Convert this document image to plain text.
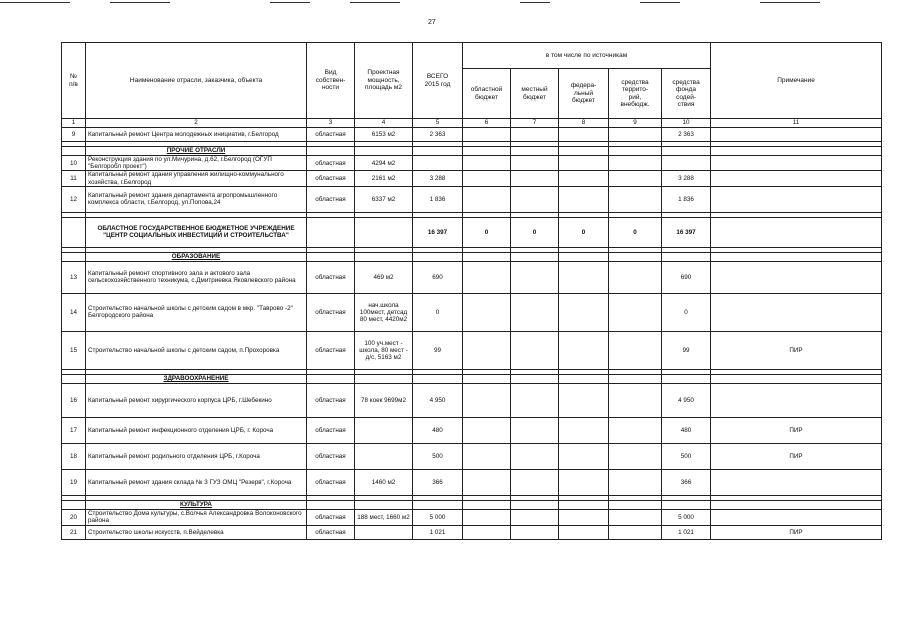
27
№
п/в	Наименование отрасли, заказчика, объекта	Вид
собствен-
ности	Проектная
мощность,
площадь м2	ВСЕГО
2015 год	в том числе по источникам					Примечание
					областной
бюджет	местный
бюджет	федера-
льный
бюджет	средства
террито-
рий,
внебюдж.	средства
фонда
содей-
ствия	
1	2	3	4	5	6	7	8	9	10	11
9	Капитальный ремонт Центра молодежных инициатив, г.Белгород	областная	6153 м2	2 363					2 363	

	ПРОЧИЕ ОТРАСЛИ									
10	Реконструкция здания по ул.Мичурина, д.62, г.Белгород (ОГУП "Белгоробл проект")	областная	4294 м2							
11	Капитальный ремонт здания управления жилищно-коммунального хозяйства, г.Белгород	областная	2161 м2	3 288					3 288	
12	Капитальный ремонт здания департамента агропромышленного комплекса области, г.Белгород, ул.Попова,24	областная	6337 м2	1 836					1 836	

	ОБЛАСТНОЕ ГОСУДАРСТВЕННОЕ БЮДЖЕТНОЕ УЧРЕЖДЕНИЕ "ЦЕНТР СОЦИАЛЬНЫХ ИНВЕСТИЦИЙ И СТРОИТЕЛЬСТВА"			16 397	0	0	0	0	16 397	

	ОБРАЗОВАНИЕ									
13	Капитальный ремонт спортивного зала и актового зала сельскохозяйственного техникума, с.Дмитриевка Яковлевского района	областная	469 м2	690					690	
14	Строительство начальной школы с детским садом в мкр. "Таврово -2" Белгородского района	областная	нач.школа 100мест, детсад 80 мест, 4420м2	0					0	
15	Строительство начальной школы с детским садом, п.Прохоровка	областная	100 уч.мест - школа, 80 мест - д/с, 5163 м2	99					99	ПИР

	ЗДРАВООХРАНЕНИЕ									
16	Капитальный ремонт хирургического корпуса ЦРБ, г.Шебекино	областная	78 коек 9699м2	4 950					4 950	
17	Капитальный ремонт инфекционного отделения ЦРБ, г. Короча	областная		480					480	ПИР
18	Капитальный ремонт родильного отделения ЦРБ, г.Короча	областная		500					500	ПИР
19	Капитальный ремонт здания склада № 3 ГУЗ ОМЦ "Резерв", г.Короча	областная	1460 м2	366					366	

	КУЛЬТУРА									
20	Строительство Дома культуры, с.Волчья Александровка Волоконовского района	областная	188 мест, 1660 м2	5 000					5 000	
21	Строительство школы искусств, п.Вейделевка	областная		1 021					1 021	ПИР
